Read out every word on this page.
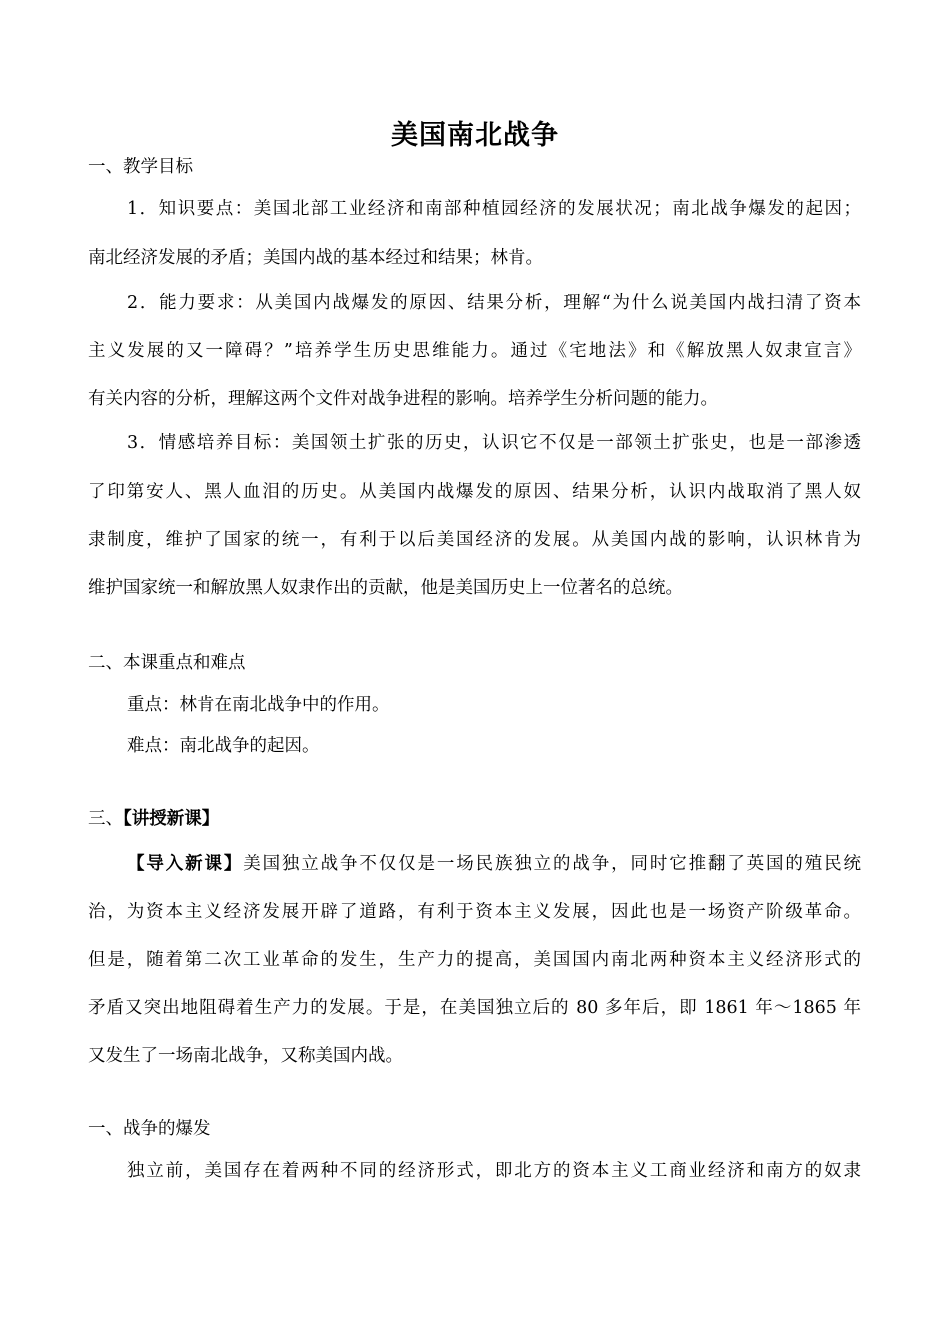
美国南北战争
一、教学目标
1．知识要点：美国北部工业经济和南部种植园经济的发展状况；南北战争爆发的起因；
南北经济发展的矛盾；美国内战的基本经过和结果；林肯。
2．能力要求：从美国内战爆发的原因、结果分析，理解“为什么说美国内战扫清了资本
主义发展的又一障碍？”培养学生历史思维能力。通过《宅地法》和《解放黑人奴隶宣言》
有关内容的分析，理解这两个文件对战争进程的影响。培养学生分析问题的能力。
3．情感培养目标：美国领土扩张的历史，认识它不仅是一部领土扩张史，也是一部渗透
了印第安人、黑人血泪的历史。从美国内战爆发的原因、结果分析，认识内战取消了黑人奴
隶制度，维护了国家的统一，有利于以后美国经济的发展。从美国内战的影响，认识林肯为
维护国家统一和解放黑人奴隶作出的贡献，他是美国历史上一位著名的总统。
二、本课重点和难点
重点：林肯在南北战争中的作用。
难点：南北战争的起因。
三、【讲授新课】
【导入新课】美国独立战争不仅仅是一场民族独立的战争，同时它推翻了英国的殖民统
治，为资本主义经济发展开辟了道路，有利于资本主义发展，因此也是一场资产阶级革命。
但是，随着第二次工业革命的发生，生产力的提高，美国国内南北两种资本主义经济形式的
矛盾又突出地阻碍着生产力的发展。于是，在美国独立后的 80 多年后，即 1861 年～1865 年
又发生了一场南北战争，又称美国内战。
一、战争的爆发
独立前，美国存在着两种不同的经济形式，即北方的资本主义工商业经济和南方的奴隶
